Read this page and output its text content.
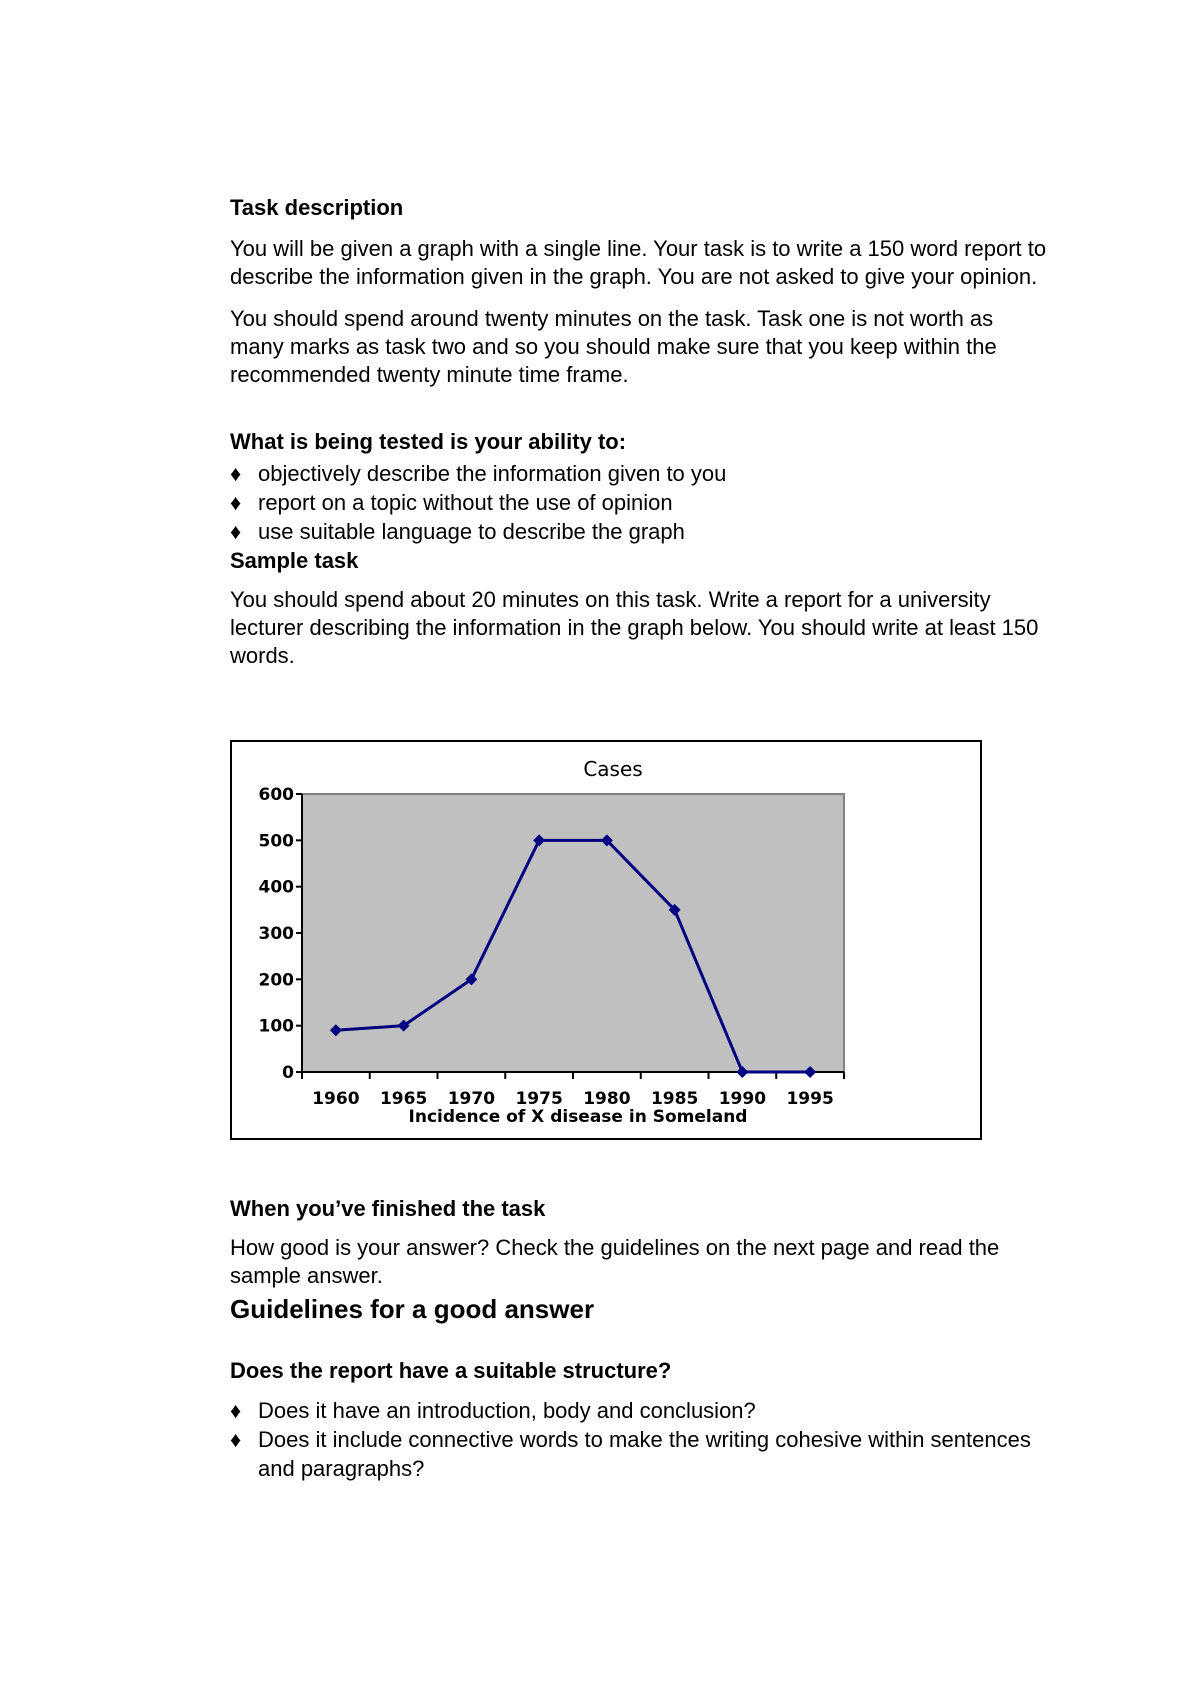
Task description

You will be given a graph with a single line. Your task is to write a 150 word report to describe the information given in the graph. You are not asked to give your opinion.

You should spend around twenty minutes on the task. Task one is not worth as many marks as task two and so you should make sure that you keep within the recommended twenty minute time frame.

What is being tested is your ability to:

♦ objectively describe the information given to you

♦ report on a topic without the use of opinion

♦ use suitable language to describe the graph

Sample task

You should spend about 20 minutes on this task. Write a report for a university lecturer describing the information in the graph below. You should write at least 150 words.

Cases
0
100
200
300
400
500
600
1960 1965 1970 1975 1980 1985 1990 1995
Incidence of X disease in Someland

When you’ve finished the task

How good is your answer? Check the guidelines on the next page and read the sample answer.

Guidelines for a good answer

Does the report have a suitable structure?

♦ Does it have an introduction, body and conclusion?

♦ Does it include connective words to make the writing cohesive within sentences and paragraphs?
